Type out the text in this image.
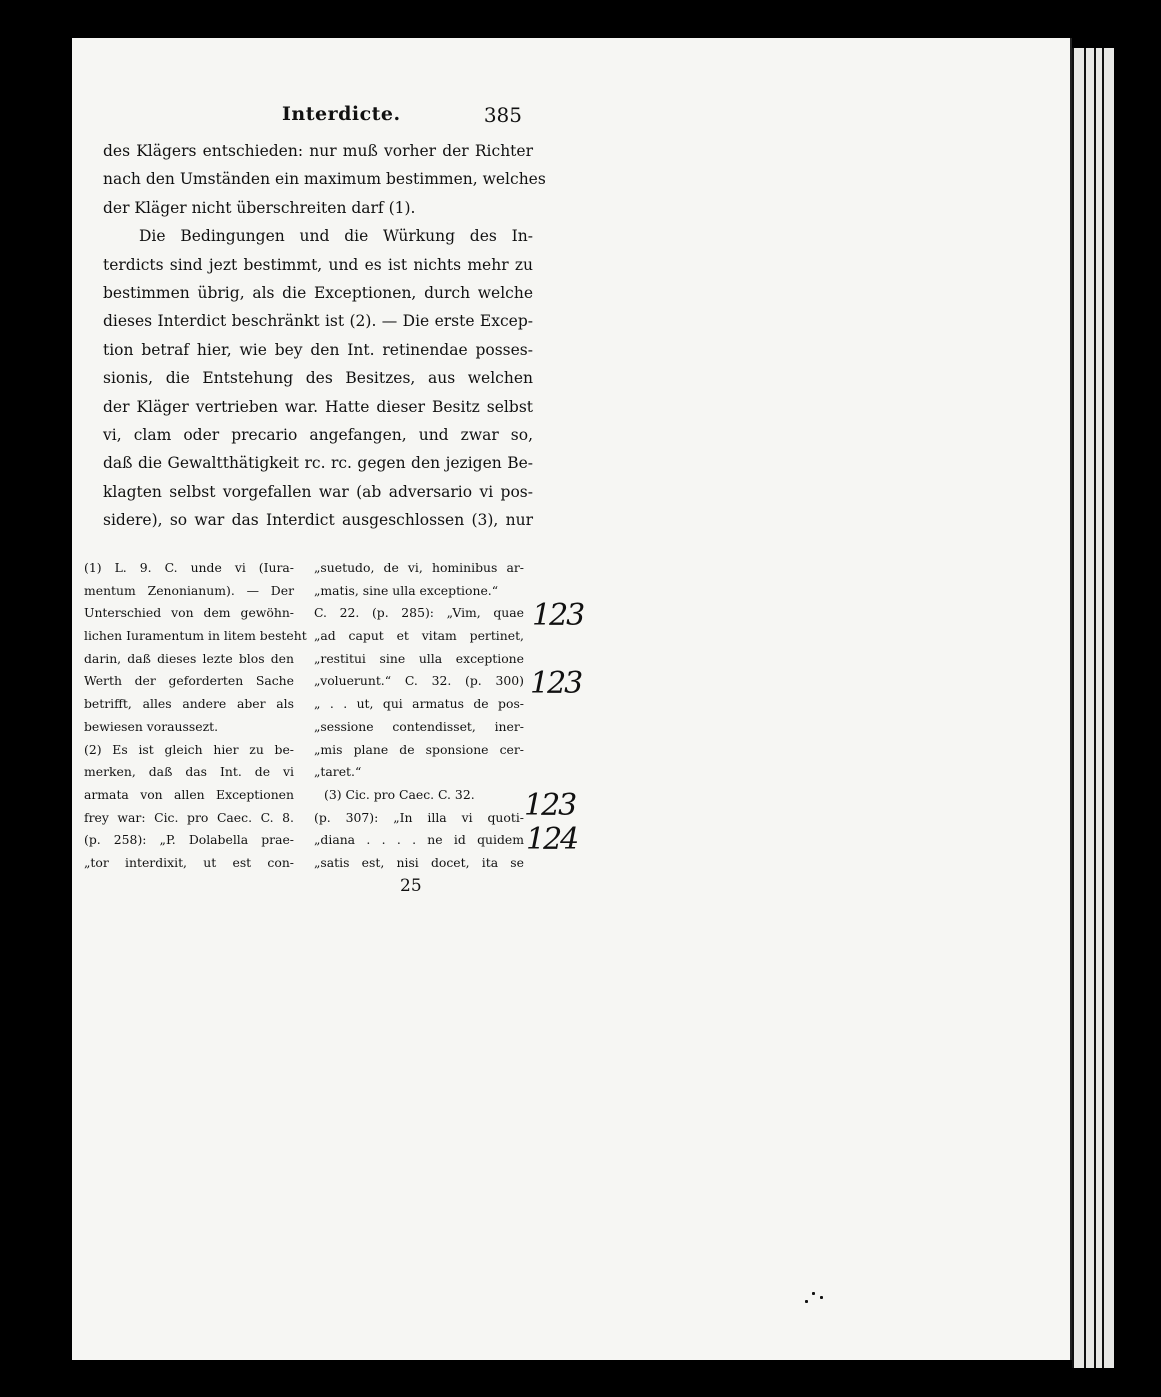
Interdicte.	385
des Klägers entschieden: nur muß vorher der Richter
nach den Umständen ein maximum bestimmen, welches
der Kläger nicht überschreiten darf (1).
Die Bedingungen und die Würkung des In-
terdicts sind jezt bestimmt, und es ist nichts mehr zu
bestimmen übrig, als die Exceptionen, durch welche
dieses Interdict beschränkt ist (2). — Die erste Excep-
tion betraf hier, wie bey den Int. retinendae posses-
sionis, die Entstehung des Besitzes, aus welchen
der Kläger vertrieben war. Hatte dieser Besitz selbst
vi, clam oder precario angefangen, und zwar so,
daß die Gewaltthätigkeit rc. rc. gegen den jezigen Be-
klagten selbst vorgefallen war (ab adversario vi pos-
sidere), so war das Interdict ausgeschlossen (3), nur
(1) L. 9. C. unde vi (Iura-
mentum Zenonianum). — Der
Unterschied von dem gewöhn-
lichen Iuramentum in litem besteht
darin, daß dieses lezte blos den
Werth der geforderten Sache
betrifft, alles andere aber als
bewiesen voraussezt.
(2) Es ist gleich hier zu be-
merken, daß das Int. de vi
armata von allen Exceptionen
frey war: Cic. pro Caec. C. 8.
(p. 258): „P. Dolabella prae-
„tor interdixit, ut est con-
„suetudo, de vi, hominibus ar-
„matis, sine ulla exceptione.“
C. 22. (p. 285): „Vim, quae
„ad caput et vitam pertinet,
„restitui sine ulla exceptione
„voluerunt.“ C. 32. (p. 300)
„ . . ut, qui armatus de pos-
„sessione contendisset, iner-
„mis plane de sponsione cer-
„taret.“
(3) Cic. pro Caec. C. 32.
(p. 307): „In illa vi quoti-
„diana . . . . ne id quidem
„satis est, nisi docet, ita se
25
123
123
123
124
